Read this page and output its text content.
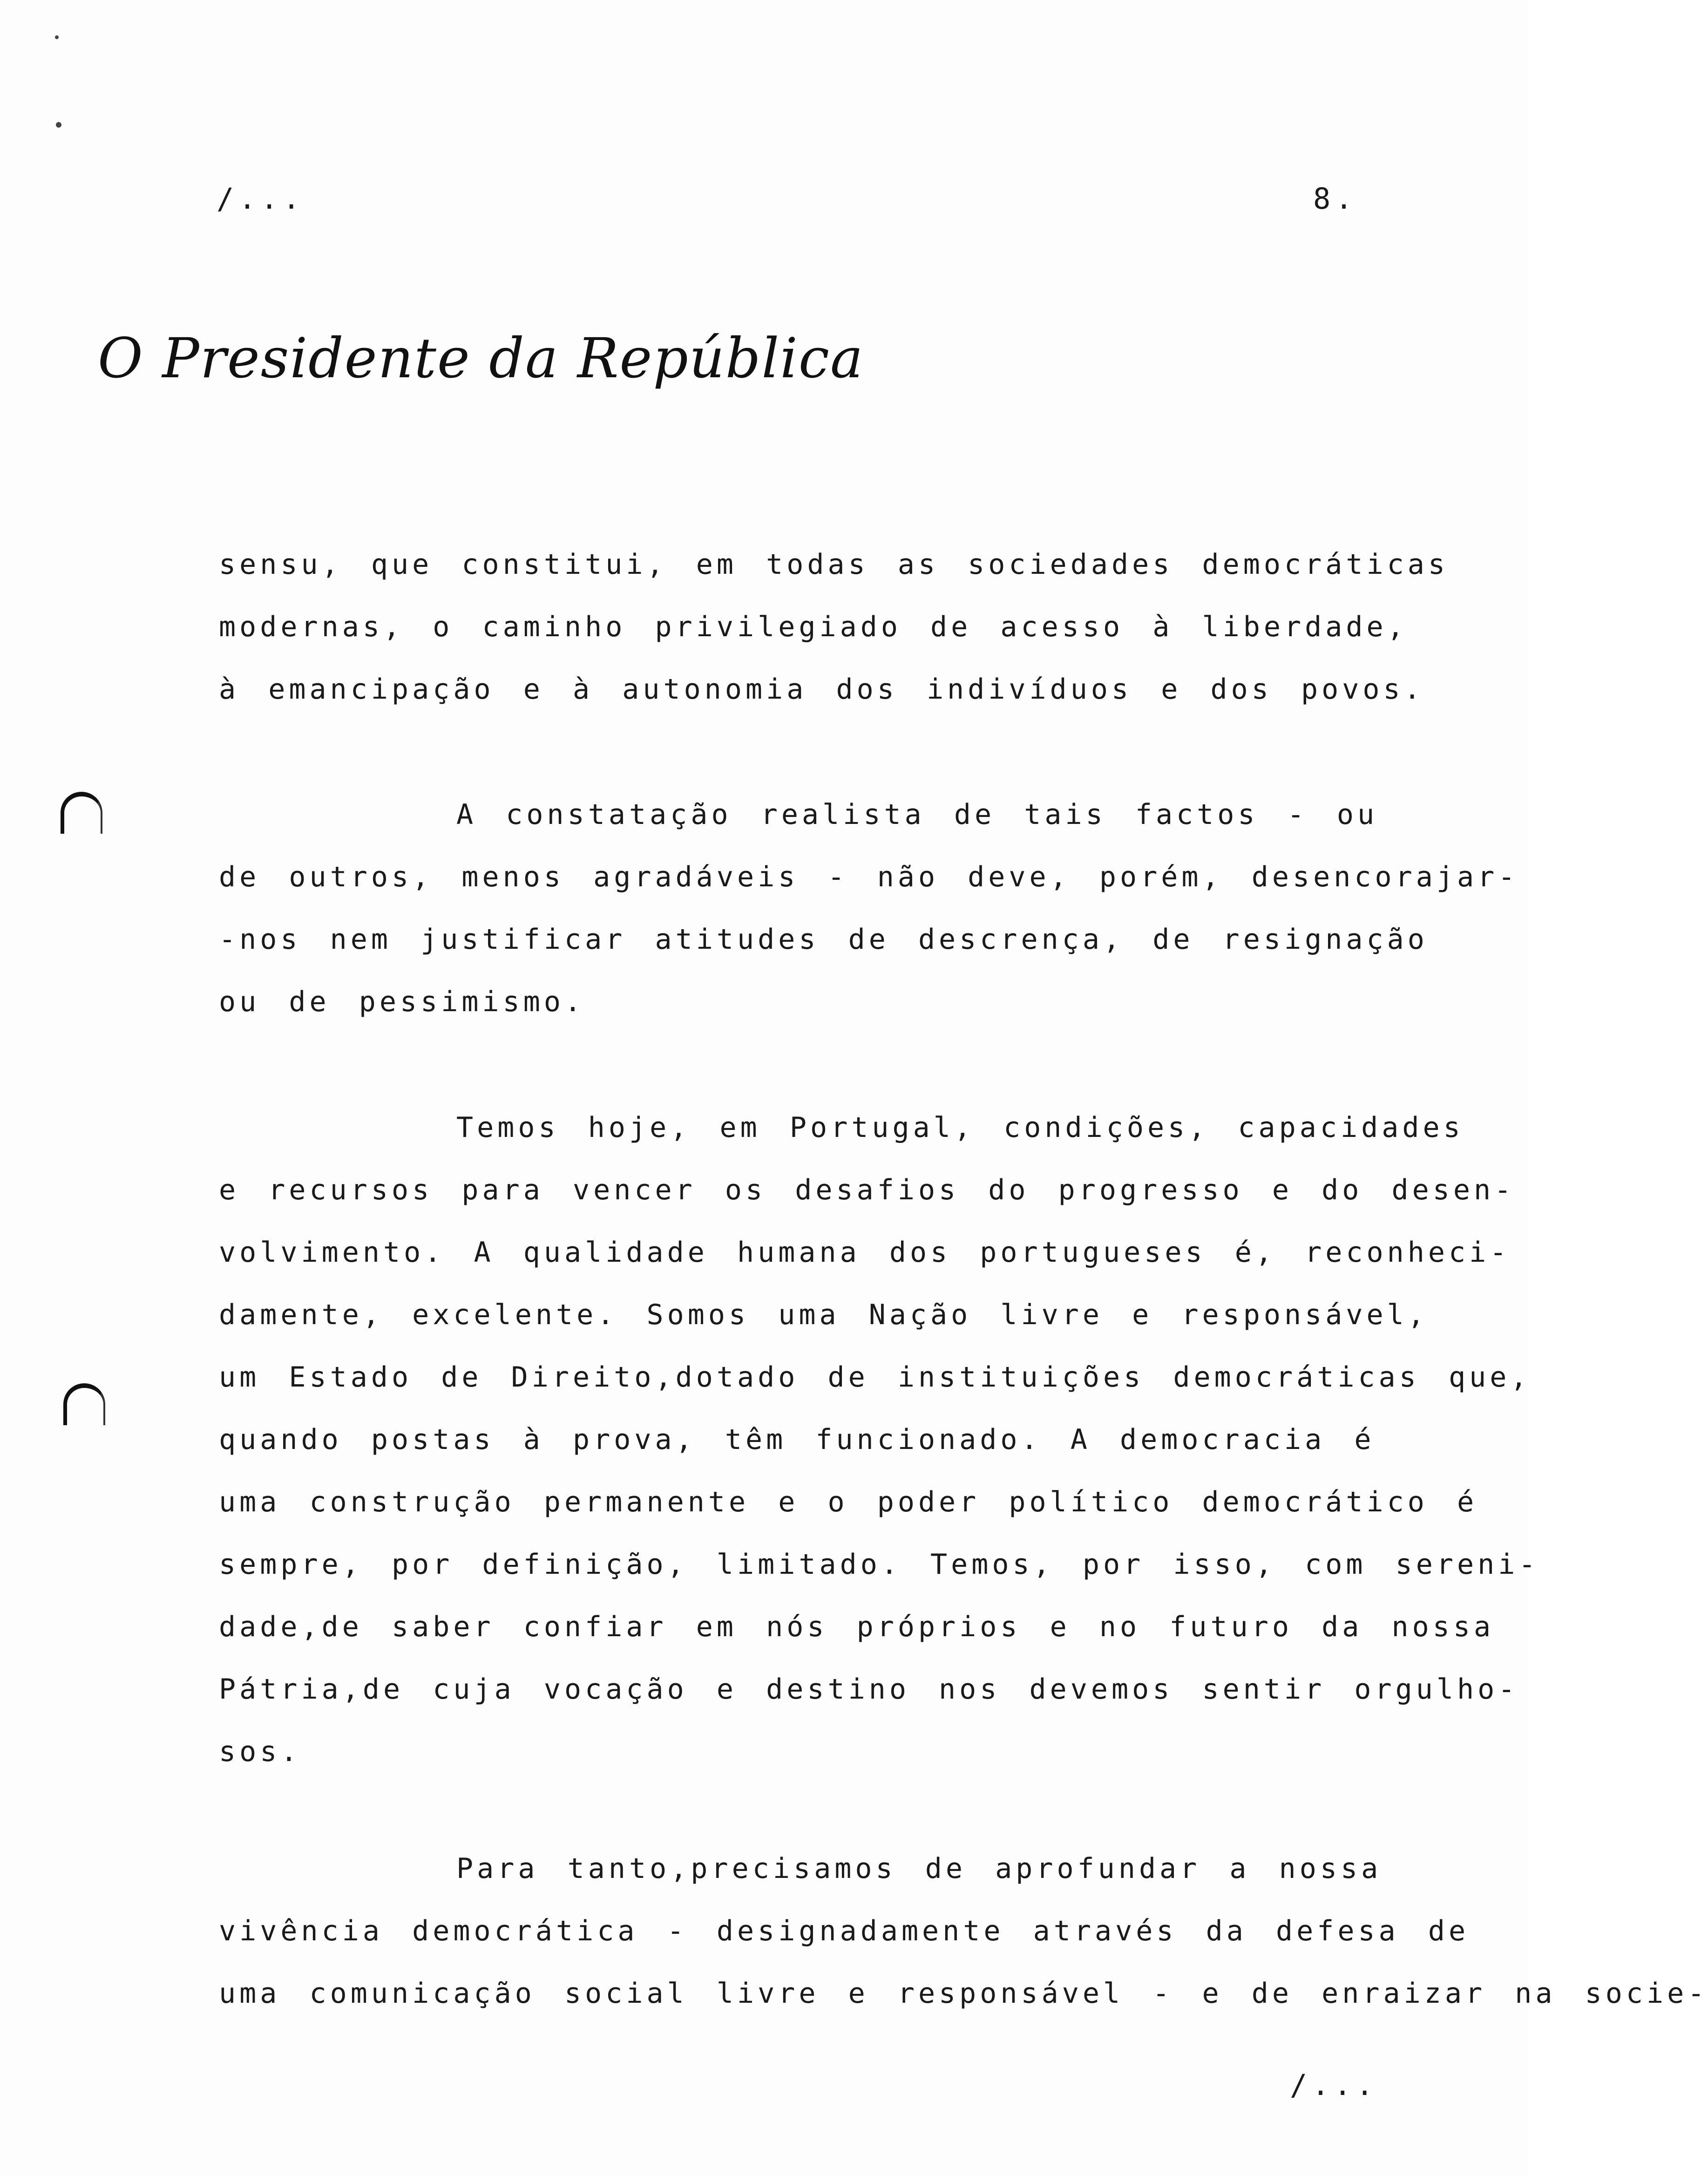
/...	8.
O Presidente da República
sensu, que constitui, em todas as sociedades democráticas
modernas, o caminho privilegiado de acesso à liberdade,
à emancipação e à autonomia dos indivíduos e dos povos.
A constatação realista de tais factos - ou
de outros, menos agradáveis - não deve, porém, desencorajar-
-nos nem justificar atitudes de descrença, de resignação
ou de pessimismo.
Temos hoje, em Portugal, condições, capacidades
e recursos para vencer os desafios do progresso e do desen-
volvimento. A qualidade humana dos portugueses é, reconheci-
damente, excelente. Somos uma Nação livre e responsável,
um Estado de Direito,dotado de instituições democráticas que,
quando postas à prova, têm funcionado. A democracia é
uma construção permanente e o poder político democrático é
sempre, por definição, limitado. Temos, por isso, com sereni-
dade,de saber confiar em nós próprios e no futuro da nossa
Pátria,de cuja vocação e destino nos devemos sentir orgulho-
sos.
Para tanto,precisamos de aprofundar a nossa
vivência democrática - designadamente através da defesa de
uma comunicação social livre e responsável - e de enraizar na socie-
/...
